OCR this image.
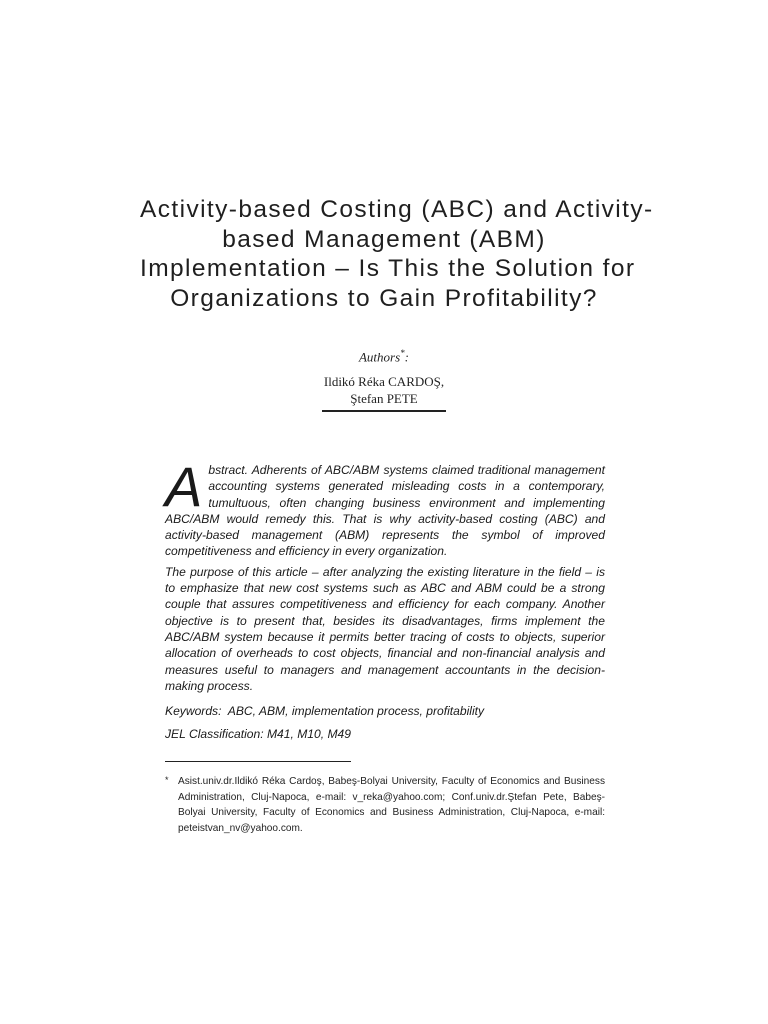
Activity-based Costing (ABC) and Activity-
based Management (ABM)
Implementation – Is This the Solution for
Organizations to Gain Profitability?
Authors*:
Ildikó Réka CARDOŞ,
Ştefan PETE

Abstract. Adherents of ABC/ABM systems claimed traditional management accounting systems generated misleading costs in a contemporary, tumultuous, often changing business environment and implementing ABC/ABM would remedy this. That is why activity-based costing (ABC) and activity-based management (ABM) represents the symbol of improved competitiveness and efficiency in every organization.

The purpose of this article – after analyzing the existing literature in the field – is to emphasize that new cost systems such as ABC and ABM could be a strong couple that assures competitiveness and efficiency for each company. Another objective is to present that, besides its disadvantages, firms implement the ABC/ABM system because it permits better tracing of costs to objects, superior allocation of overheads to cost objects, financial and non-financial analysis and measures useful to managers and management accountants in the decision-making process.

Keywords: ABC, ABM, implementation process, profitability
JEL Classification: M41, M10, M49
* Asist.univ.dr.Ildikó Réka Cardoş, Babeş-Bolyai University, Faculty of Economics and Business Administration, Cluj-Napoca, e-mail: v_reka@yahoo.com; Conf.univ.dr.Ştefan Pete, Babeş-Bolyai University, Faculty of Economics and Business Administration, Cluj-Napoca, e-mail: peteistvan_nv@yahoo.com.
